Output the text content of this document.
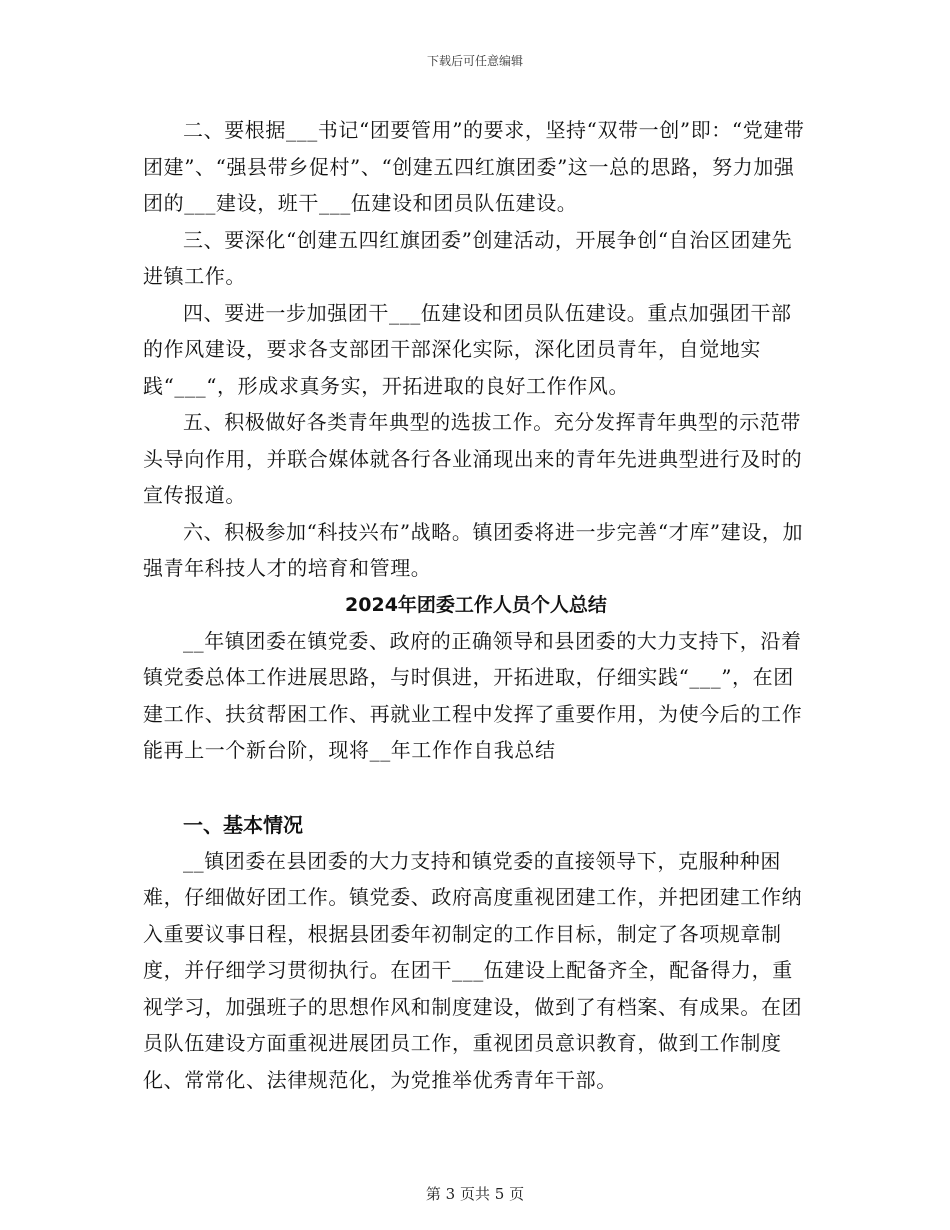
下载后可任意编辑

二、要根据___书记“团要管用”的要求，坚持“双带一创”即：“党建带团建”、“强县带乡促村”、“创建五四红旗团委”这一总的思路，努力加强团的___建设，班干___伍建设和团员队伍建设。

三、要深化“创建五四红旗团委”创建活动，开展争创“自治区团建先进镇工作。

四、要进一步加强团干___伍建设和团员队伍建设。重点加强团干部的作风建设，要求各支部团干部深化实际，深化团员青年，自觉地实践“___“，形成求真务实，开拓进取的良好工作作风。

五、积极做好各类青年典型的选拔工作。充分发挥青年典型的示范带头导向作用，并联合媒体就各行各业涌现出来的青年先进典型进行及时的宣传报道。

六、积极参加“科技兴布”战略。镇团委将进一步完善“才库”建设，加强青年科技人才的培育和管理。

2024年团委工作人员个人总结

__年镇团委在镇党委、政府的正确领导和县团委的大力支持下，沿着镇党委总体工作进展思路，与时俱进，开拓进取，仔细实践“___”，在团建工作、扶贫帮困工作、再就业工程中发挥了重要作用，为使今后的工作能再上一个新台阶，现将__年工作作自我总结

一、基本情况

__镇团委在县团委的大力支持和镇党委的直接领导下，克服种种困难，仔细做好团工作。镇党委、政府高度重视团建工作，并把团建工作纳入重要议事日程，根据县团委年初制定的工作目标，制定了各项规章制度，并仔细学习贯彻执行。在团干___伍建设上配备齐全，配备得力，重视学习，加强班子的思想作风和制度建设，做到了有档案、有成果。在团员队伍建设方面重视进展团员工作，重视团员意识教育，做到工作制度化、常常化、法律规范化，为党推举优秀青年干部。

第 3 页共 5 页
